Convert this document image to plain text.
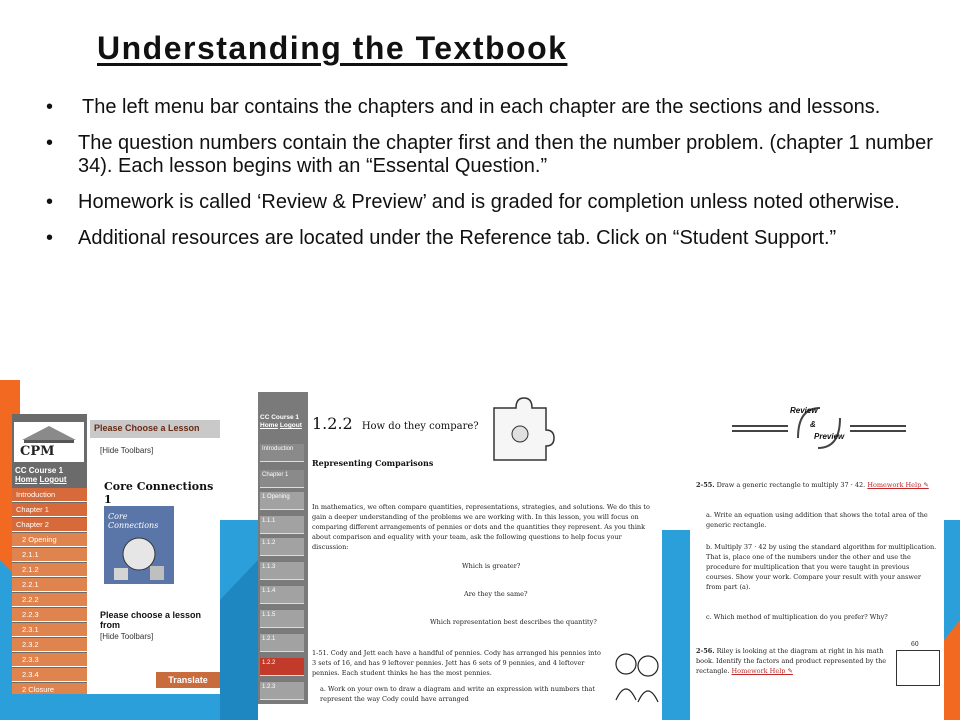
Understanding the Textbook
• The left menu bar contains the chapters and in each chapter are the sections and lessons.
• The question numbers contain the chapter first and then the number problem. (chapter 1 number 34). Each lesson begins with an “Essental Question.”
• Homework is called ‘Review & Preview’ and is graded for completion unless noted otherwise.
• Additional resources are located under the Reference tab. Click on “Student Support.”
CPM
CC Course 1
Home Logout
Introduction
Chapter 1
Chapter 2
2 Opening
2.1.1
2.1.2
2.2.1
2.2.2
2.2.3
2.3.1
2.3.2
2.3.3
2.3.4
2 Closure
Please Choose a Lesson
[Hide Toolbars]
Core Connections 1
Core Connections
Please choose a lesson from
[Hide Toolbars]
Translate
CC Course 1
Home Logout
Introduction
Chapter 1
1 Opening
1.1.1
1.1.2
1.1.3
1.1.4
1.1.5
1.2.1
1.2.2
1.2.3
1.2.2 How do they compare?
Representing Comparisons
In mathematics, we often compare quantities, representations, strategies, and solutions. We do this to gain a deeper understanding of the problems we are working with. In this lesson, you will focus on comparing different arrangements of pennies or dots and the quantities they represent. As you think about comparison and equality with your team, ask the following questions to help focus your discussion:
Which is greater?
Are they the same?
Which representation best describes the quantity?
1-51. Cody and Jett each have a handful of pennies. Cody has arranged his pennies into 3 sets of 16, and has 9 leftover pennies. Jett has 6 sets of 9 pennies, and 4 leftover pennies. Each student thinks he has the most pennies.
a. Work on your own to draw a diagram and write an expression with numbers that represent the way Cody could have arranged
Review
&
Preview
2-55. Draw a generic rectangle to multiply 37 · 42. Homework Help ✎
a. Write an equation using addition that shows the total area of the generic rectangle.
b. Multiply 37 · 42 by using the standard algorithm for multiplication. That is, place one of the numbers under the other and use the procedure for multiplication that you were taught in previous courses. Show your work. Compare your result with your answer from part (a).
c. Which method of multiplication do you prefer? Why?
2-56. Riley is looking at the diagram at right in his math book. Identify the factors and product represented by the rectangle. Homework Help ✎
60
